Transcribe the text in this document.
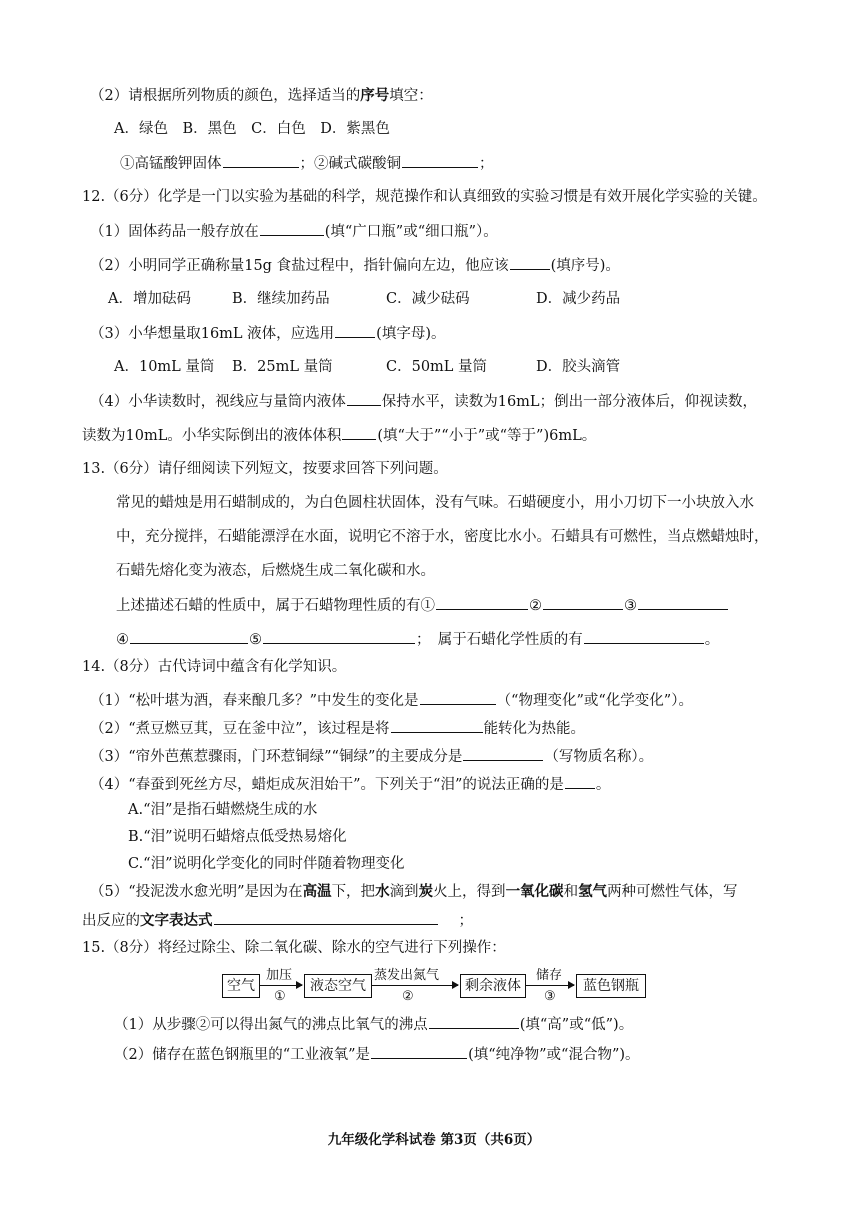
（2）请根据所列物质的颜色，选择适当的序号填空：
A．绿色　B．黑色　C．白色　D．紫黑色
①高锰酸钾固体	；②碱式碳酸铜	；
12.（6分）化学是一门以实验为基础的科学，规范操作和认真细致的实验习惯是有效开展化学实验的关键。
（1）固体药品一般存放在	(填“广口瓶”或“细口瓶”）。
（2）小明同学正确称量15g 食盐过程中，指针偏向左边，他应该	(填序号)。
A．增加砝码	B．继续加药品	C．减少砝码	D．减少药品
（3）小华想量取16mL 液体，应选用	(填字母)。
A．10mL 量筒 B．25mL 量筒	C．50mL 量筒	D．胶头滴管
（4）小华读数时，视线应与量筒内液体 保持水平，读数为16mL；倒出一部分液体后，仰视读数，
读数为10mL。小华实际倒出的液体体积 (填“大于”“小于”或“等于”)6mL。
13.（6分）请仔细阅读下列短文，按要求回答下列问题。
常见的蜡烛是用石蜡制成的，为白色圆柱状固体，没有气味。石蜡硬度小，用小刀切下一小块放入水
中，充分搅拌，石蜡能漂浮在水面，说明它不溶于水，密度比水小。石蜡具有可燃性，当点燃蜡烛时，
石蜡先熔化变为液态，后燃烧生成二氧化碳和水。
上述描述石蜡的性质中，属于石蜡物理性质的有①	②	③
④	⑤	；　属于石蜡化学性质的有	。
14.（8分）古代诗词中蕴含有化学知识。
（1）“松叶堪为酒，春来酿几多？”中发生的变化是	（“物理变化”或“化学变化”）。
（2）“煮豆燃豆萁，豆在釜中泣”，该过程是将	能转化为热能。
（3）“帘外芭蕉惹骤雨，门环惹铜绿”“铜绿”的主要成分是	（写物质名称）。
（4）“春蚕到死丝方尽，蜡炬成灰泪始干”。下列关于“泪”的说法正确的是 。
A.“泪”是指石蜡燃烧生成的水
B.“泪”说明石蜡熔点低受热易熔化
C.“泪”说明化学变化的同时伴随着物理变化
（5）“投泥泼水愈光明”是因为在高温下，把水滴到炭火上，得到一氧化碳和氢气两种可燃性气体，写
出反应的文字表达式	；
15.（8分）将经过除尘、除二氧化碳、除水的空气进行下列操作：
空气
加压
①
液态空气
蒸发出氮气
②
剩余液体
储存
③
蓝色钢瓶
（1）从步骤②可以得出氮气的沸点比氧气的沸点	(填“高”或“低”)。
（2）储存在蓝色钢瓶里的“工业液氧”是	(填“纯净物”或“混合物”)。
九年级化学科试卷 第3页（共6页）
